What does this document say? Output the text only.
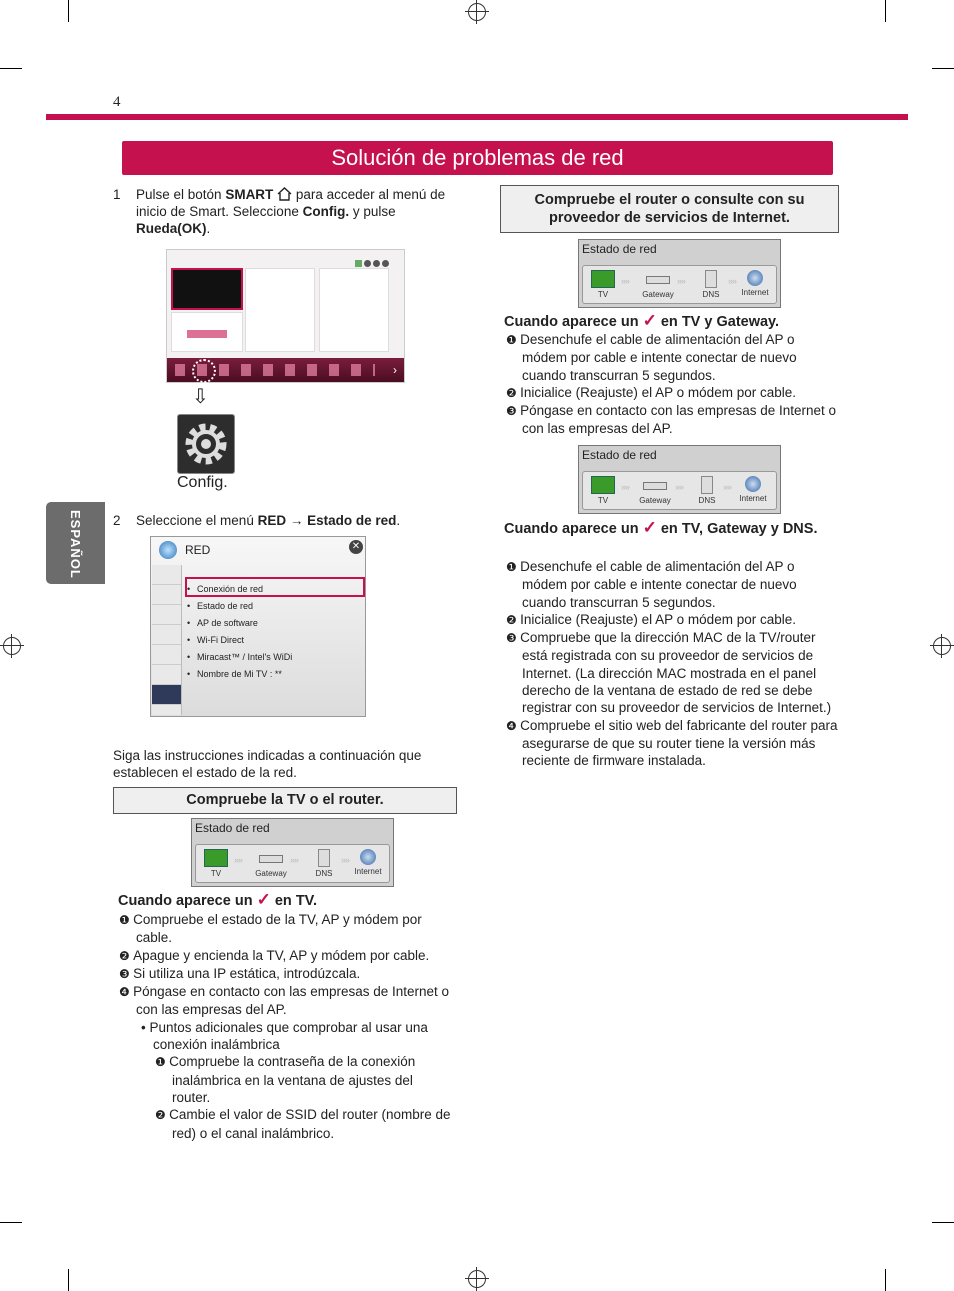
4
Solución de problemas de red
ESPAÑOL
1 Pulse el botón SMART  para acceder al menú de inicio de Smart. Seleccione Config. y pulse Rueda(OK).
›
⇩
Config.
2 Seleccione el menú RED → Estado de red.
RED	✕
• Conexión de red
• Estado de red
• AP de software
• Wi-Fi Direct
• Miracast™ / Intel's WiDi
• Nombre de Mi TV : **
Siga las instrucciones indicadas a continuación que establecen el estado de la red.
Compruebe la TV o el router.
Estado de red
TV
››››
Gateway
››››
DNS
››››
Internet
Cuando aparece un ✓ en TV.
❶ Compruebe el estado de la TV, AP y módem por cable.
❷ Apague y encienda la TV, AP y módem por cable.
❸ Si utiliza una IP estática, introdúzcala.
❹ Póngase en contacto con las empresas de Internet o con las empresas del AP.
• Puntos adicionales que comprobar al usar una conexión inalámbrica
❶ Compruebe la contraseña de la conexión inalámbrica en la ventana de ajustes del router.
❷ Cambie el valor de SSID del router (nombre de red) o el canal inalámbrico.
Compruebe el router o consulte con su proveedor de servicios de Internet.
Estado de red
TV
››››
Gateway
››››
DNS
››››
Internet
Cuando aparece un ✓ en TV y Gateway.
❶ Desenchufe el cable de alimentación del AP o módem por cable e intente conectar de nuevo cuando transcurran 5 segundos.
❷ Inicialice (Reajuste) el AP o módem por cable.
❸ Póngase en contacto con las empresas de Internet o con las empresas del AP.
Estado de red
TV
››››
Gateway
››››
DNS
››››
Internet
Cuando aparece un ✓ en TV, Gateway y DNS.
❶ Desenchufe el cable de alimentación del AP o módem por cable e intente conectar de nuevo cuando transcurran 5 segundos.
❷ Inicialice (Reajuste) el AP o módem por cable.
❸ Compruebe que la dirección MAC de la TV/router está registrada con su proveedor de servicios de Internet. (La dirección MAC mostrada en el panel derecho de la ventana de estado de red se debe registrar con su proveedor de servicios de Internet.)
❹ Compruebe el sitio web del fabricante del router para asegurarse de que su router tiene la versión más reciente de firmware instalada.
